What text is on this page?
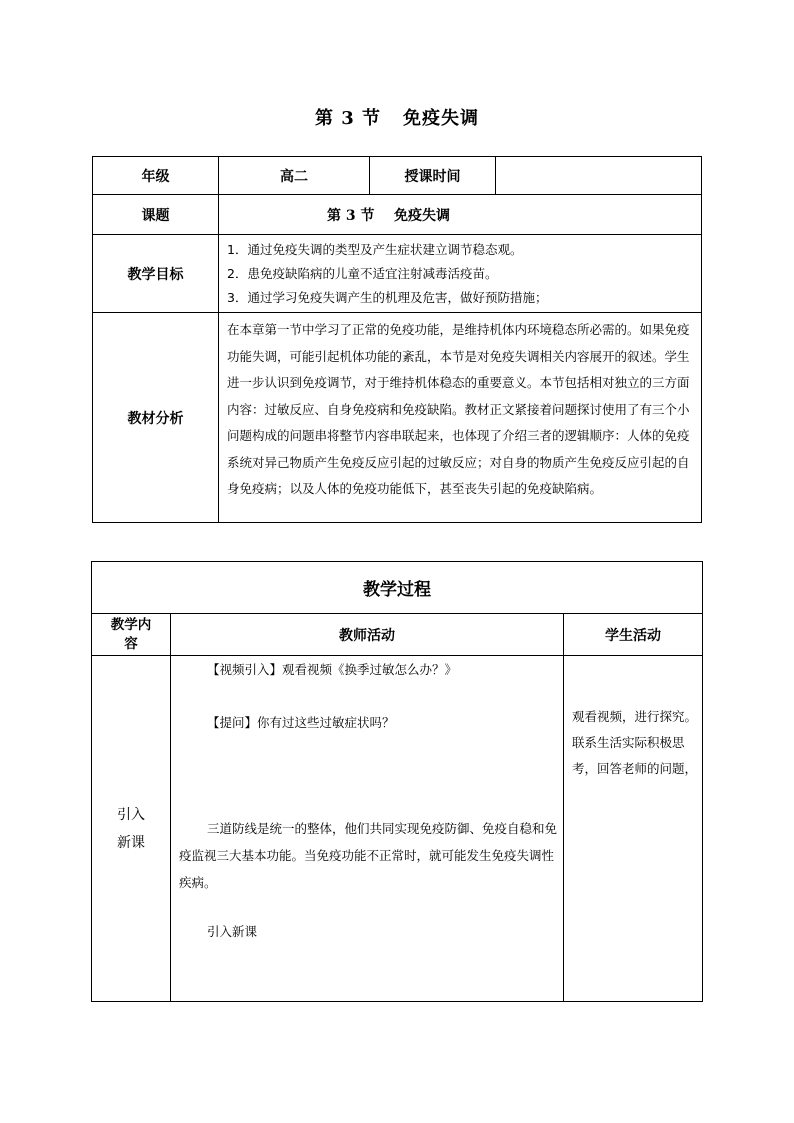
第 3 节 免疫失调
年级	高二	授课时间	
课题	第 3 节    免疫失调		
教学目标	1．通过免疫失调的类型及产生症状建立调节稳态观。
2．患免疫缺陷病的儿童不适宜注射减毒活疫苗。
3．通过学习免疫失调产生的机理及危害，做好预防措施；		

教材分析	在本章第一节中学习了正常的免疫功能，是维持机体内环境稳态所必需的。如果免疫功能失调，可能引起机体功能的紊乱，本节是对免疫失调相关内容展开的叙述。学生进一步认识到免疫调节，对于维持机体稳态的重要意义。本节包括相对独立的三方面内容：过敏反应、自身免疫病和免疫缺陷。教材正文紧接着问题探讨使用了有三个小问题构成的问题串将整节内容串联起来，也体现了介绍三者的逻辑顺序：人体的免疫系统对异己物质产生免疫反应引起的过敏反应；对自身的物质产生免疫反应引起的自身免疫病；以及人体的免疫功能低下，甚至丧失引起的免疫缺陷病。		
教学过程		
教学内容	教师活动	学生活动
引入新课	【视频引入】观看视频《换季过敏怎么办？》

【提问】你有过这些过敏症状吗？

三道防线是统一的整体，他们共同实现免疫防御、免疫自稳和免疫监视三大基本功能。当免疫功能不正常时，就可能发生免疫失调性疾病。

引入新课	观看视频，进行探究。联系生活实际积极思考，回答老师的问题，
